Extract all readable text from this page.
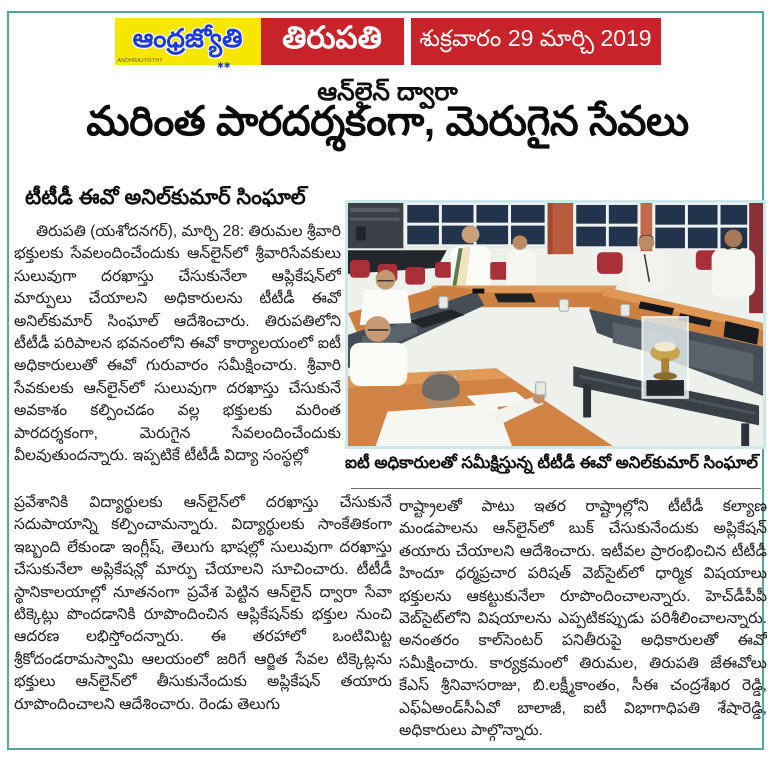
ఆంధ్రజ్యోతి
ANDHRAJYOTHY	✱✱
తిరుపతి	శుక్రవారం 29 మార్చి 2019
ఆన్‌లైన్ ద్వారా
మరింత పారదర్శకంగా, మెరుగైన సేవలు
టీటీడీ ఈవో అనిల్‌కుమార్ సింఘాల్
తిరుపతి (యశోదనగర్), మార్చి 28: తిరుమల శ్రీవారి భక్తులకు సేవలందించేందుకు ఆన్‌లైన్‌లో శ్రీవారిసేవకులు సులువుగా దరఖాస్తు చేసుకునేలా ఆప్లికేషన్‌లో మార్పులు చేయాలని అధికారులను టీటీడీ ఈవో అనిల్‌కుమార్ సింఘాల్ ఆదేశించారు. తిరుపతిలోని టీటీడీ పరిపాలన భవనంలోని ఈవో కార్యాలయంలో ఐటీ అధికారులుతో ఈవో గురువారం సమీక్షించారు. శ్రీవారి సేవకులకు ఆన్‌లైన్‌లో సులువుగా దరఖాస్తు చేసుకునే అవకాశం కల్పించడం వల్ల భక్తులకు మరింత పారదర్శకంగా, మెరుగైన సేవలందించేందుకు వీలవుతుందన్నారు. ఇప్పటికే టీటీడీ విద్యా సంస్థల్లో
ప్రవేశానికి విద్యార్థులకు ఆన్‌లైన్‌లో దరఖాస్తు చేసుకునే సదుపాయాన్ని కల్పించామన్నారు. విద్యార్థులకు సాంకేతికంగా ఇబ్బంది లేకుండా ఇంగ్లీష్, తెలుగు భాషల్లో సులువుగా దరఖాస్తు చేసుకునేలా అప్లికేషన్లో మార్పు చేయాలని సూచించారు. టీటీడీ స్థానికాలయాల్లో నూతనంగా ప్రవేశ పెట్టిన ఆన్‌లైన్ ద్వారా సేవా టిక్కెట్లు పొందడానికి రూపొందించిన ఆప్లికేషన్‌కు భక్తుల నుంచి ఆదరణ లభిస్తోందన్నారు. ఈ తరహాలో ఒంటిమిట్ట శ్రీకోదండరామస్వామి ఆలయంలో జరిగే ఆర్జిత సేవల టిక్కెట్లను భక్తులు ఆన్‌లైన్‌లో తీసుకునేందుకు అప్లికేషన్ తయారు రూపొందించాలని ఆదేశించారు. రెండు తెలుగు
రాష్ట్రాలతో పాటు ఇతర రాష్ట్రాల్లోని టీటీడీ కల్యాణ మండపాలను ఆన్‌లైన్‌లో బుక్ చేసుకునేందుకు అప్లికేషన్ తయారు చేయాలని ఆదేశించారు. ఇటీవల ప్రారంభించిన టీటీడీ హిందూ ధర్మప్రచార పరిషత్ వెబ్‌సైట్‌లో ధార్మిక విషయాలు భక్తులను ఆకట్టుకునేలా రూపొందించాలన్నారు. హెచ్‌డీపీపీ వెబ్‌సైట్‌లోని విషయాలను ఎప్పటికప్పుడు పరిశీలించాలన్నారు. అనంతరం కాల్‌సెంటర్ పనితీరుపై అధికారులతో ఈవో సమీక్షించారు. కార్యక్రమంలో తిరుమల, తిరుపతి జేఈవోలు కేఎస్ శ్రీనివాసరాజు, బి.లక్ష్మీకాంతం, సీఈ చంద్రశేఖర రెడ్డి, ఎఫ్ఏఅండ్‌సీఏవో బాలాజీ, ఐటీ విభాగాధిపతి శేషారెడ్డి, అధికారులు పాల్గొన్నారు.
ఐటీ అధికారులతో సమీక్షిస్తున్న టీటీడీ ఈవో అనిల్‌కుమార్ సింఘాల్
